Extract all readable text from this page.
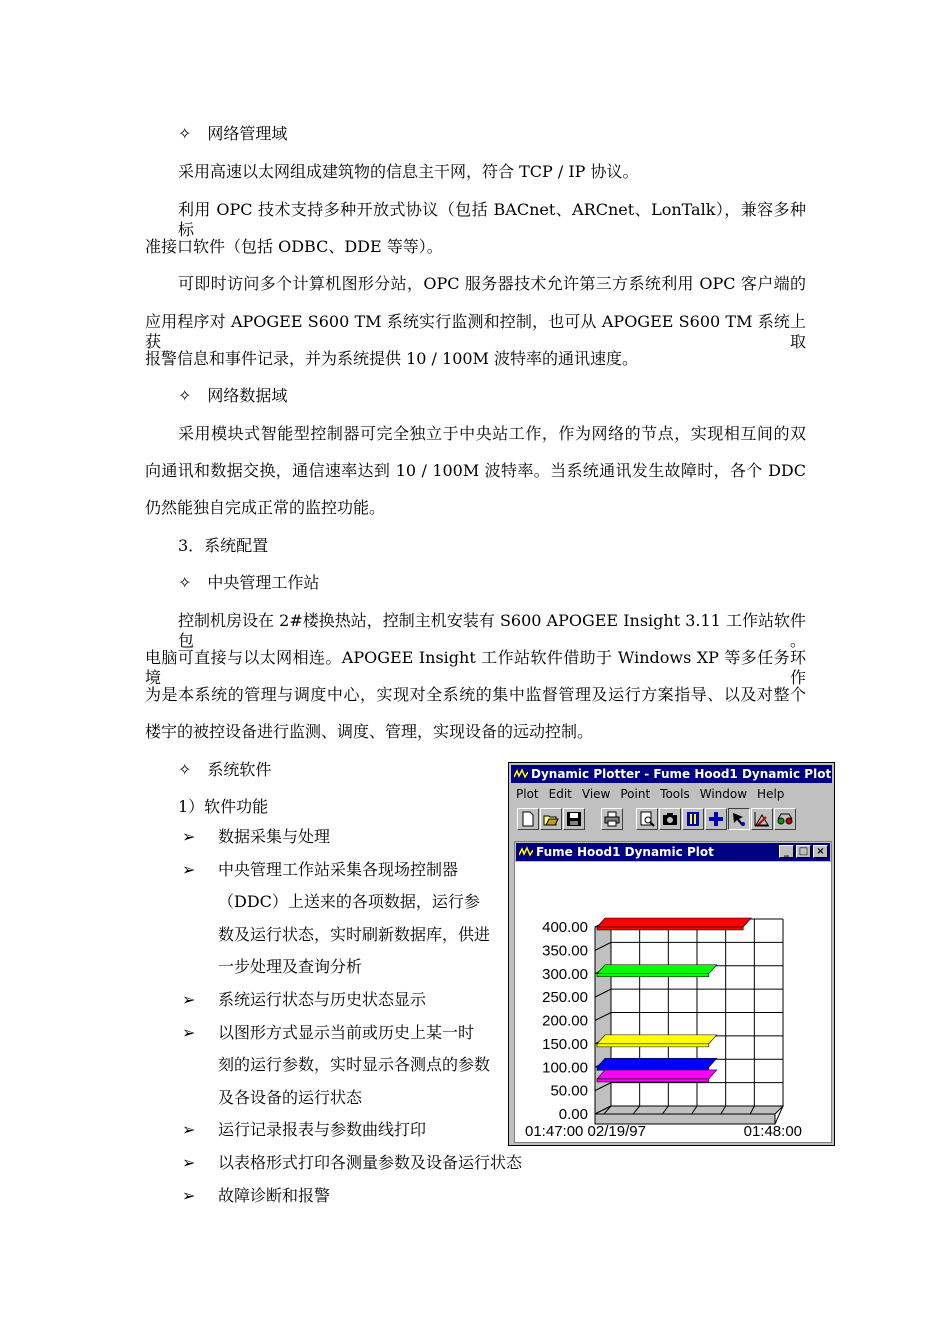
✧　网络管理域
采用高速以太网组成建筑物的信息主干网，符合 TCP / IP 协议。
利用 OPC 技术支持多种开放式协议（包括 BACnet、ARCnet、LonTalk），兼容多种标
准接口软件（包括 ODBC、DDE 等等）。
可即时访问多个计算机图形分站，OPC 服务器技术允许第三方系统利用 OPC 客户端的
应用程序对 APOGEE S600 TM 系统实行监测和控制，也可从 APOGEE S600 TM 系统上获取
报警信息和事件记录，并为系统提供 10 / 100M 波特率的通讯速度。
✧　网络数据域
采用模块式智能型控制器可完全独立于中央站工作，作为网络的节点，实现相互间的双
向通讯和数据交换，通信速率达到 10 / 100M 波特率。当系统通讯发生故障时，各个 DDC
仍然能独自完成正常的监控功能。
3．系统配置
✧　中央管理工作站
控制机房设在 2#楼换热站，控制主机安装有 S600 APOGEE Insight 3.11 工作站软件包。
电脑可直接与以太网相连。APOGEE Insight 工作站软件借助于 Windows XP 等多任务环境作
为是本系统的管理与调度中心，实现对全系统的集中监督管理及运行方案指导、以及对整个
楼宇的被控设备进行监测、调度、管理，实现设备的远动控制。
✧　系统软件
1）软件功能
➢ 数据采集与处理
➢ 中央管理工作站采集各现场控制器
（DDC）上送来的各项数据，运行参
数及运行状态，实时刷新数据库，供进
一步处理及查询分析
➢ 系统运行状态与历史状态显示
➢ 以图形方式显示当前或历史上某一时
刻的运行参数，实时显示各测点的参数
及各设备的运行状态
➢ 运行记录报表与参数曲线打印
➢ 以表格形式打印各测量参数及设备运行状态
➢ 故障诊断和报警
Dynamic Plotter - Fume Hood1 Dynamic Plot
Plot Edit View Point Tools Window Help
Fume Hood1 Dynamic Plot	_ □ ×
400.00
350.00
300.00
250.00
200.00
150.00
100.00
50.00
0.00
01:47:00 02/19/97	01:48:00
